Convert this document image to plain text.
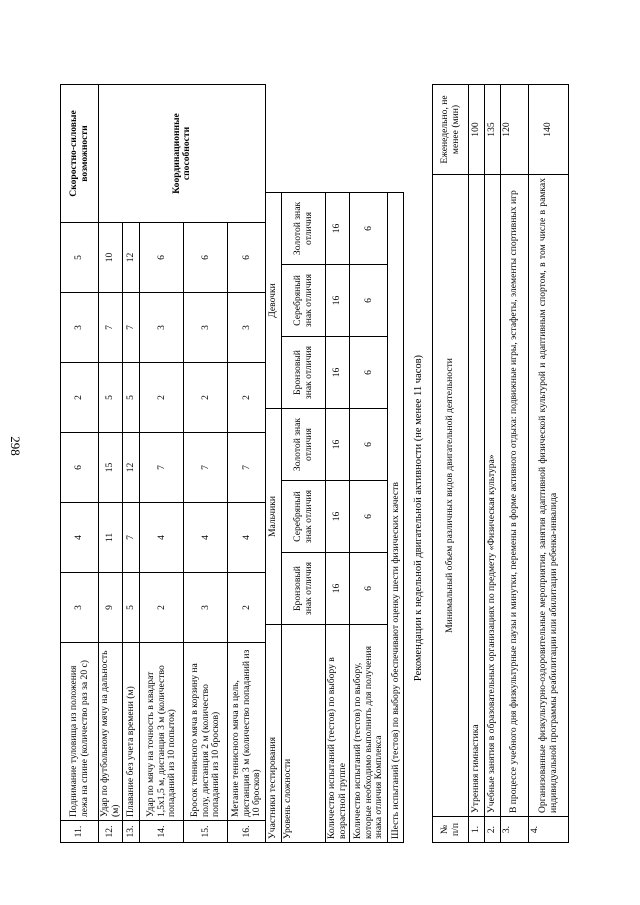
298
11.	Поднимание туловища из положения лежа на спине (количество раз за 20 с)	3	4	6	2	3	5	Скоростно-силовые возможности
12.	Удар по футбольному мячу на дальность (м)	9	11	15	5	7	10	Координационные способности
13.	Плавание без учета времени (м)	5	7	12	5	7	12	
14.	Удар по мячу на точность в квадрат 1,5х1,5 м, дистанция 3 м (количество попаданий из 10 попыток)	2	4	7	2	3	6	
15.	Бросок теннисного мяча в корзину на полу, дистанция 2 м (количество попаданий из 10 бросков)	3	4	7	2	3	6	
16.	Метание теннисного мяча в цель, дистанция 3 м (количество попаданий из 10 бросков)	2	4	7	2	3	6	
Участники тестирования	Мальчики			Девочки		
Уровень сложности	Бронзовый знак отличия	Серебряный знак отличия	Золотой знак отличия	Бронзовый знак отличия	Серебряный знак отличия	Золотой знак отличия
Количество испытаний (тестов) по выбору в возрастной группе	16	16	16	16	16	16
Количество испытаний (тестов) по выбору, которые необходимо выполнить для получения знака отличия Комплекса	6	6	6	6	6	6
Шесть испытаний (тестов) по выбору обеспечивают оценку шести физических качеств						Рекомендации к недельной двигательной активности (не менее 11 часов)
№ п/п	Минимальный объем различных видов двигательной деятельности	Еженедельно, не менее (мин)
1.	Утренняя гимнастика	100
2.	Учебные занятия в образовательных организациях по предмету «Физическая культура»	135
3.	В процессе учебного дня физкультурные паузы и минутки, перемены в форме активного отдыха: подвижные игры, эстафеты, элементы спортивных игр	120
4.	Организованные физкультурно-оздоровительные мероприятия, занятия адаптивной физической культурой и адаптивным спортом, в том числе в рамках индивидуальной программы реабилитации или абилитации ребенка-инвалида	140
